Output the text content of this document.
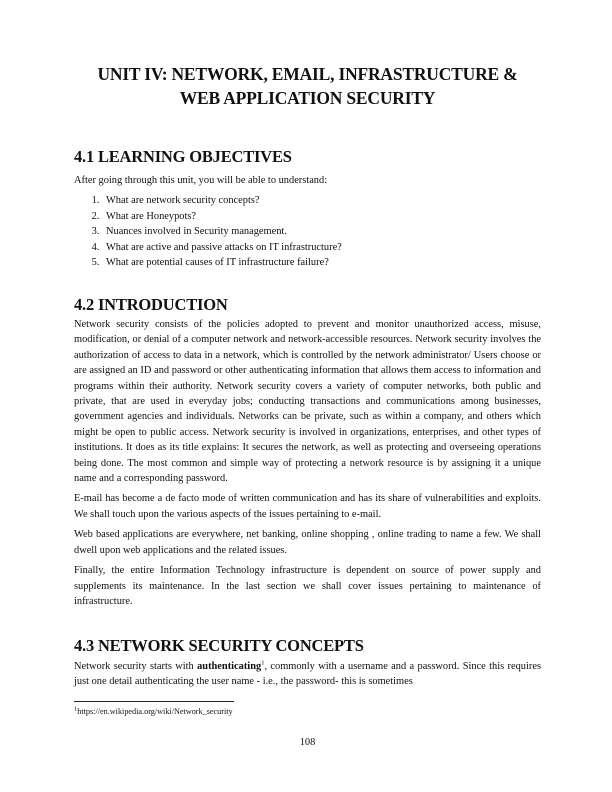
UNIT IV: NETWORK, EMAIL, INFRASTRUCTURE &
WEB APPLICATION SECURITY
4.1 LEARNING OBJECTIVES

After going through this unit, you will be able to understand:

1. What are network security concepts?
2. What are Honeypots?
3. Nuances involved in Security management.
4. What are active and passive attacks on IT infrastructure?
5. What are potential causes of IT infrastructure failure?
4.2 INTRODUCTION

Network security consists of the policies adopted to prevent and monitor unauthorized access, misuse, modification, or denial of a computer network and network-accessible resources. Network security involves the authorization of access to data in a network, which is controlled by the network administrator/ Users choose or are assigned an ID and password or other authenticating information that allows them access to information and programs within their authority. Network security covers a variety of computer networks, both public and private, that are used in everyday jobs; conducting transactions and communications among businesses, government agencies and individuals. Networks can be private, such as within a company, and others which might be open to public access. Network security is involved in organizations, enterprises, and other types of institutions. It does as its title explains: It secures the network, as well as protecting and overseeing operations being done. The most common and simple way of protecting a network resource is by assigning it a unique name and a corresponding password.

E-mail has become a de facto mode of written communication and has its share of vulnerabilities and exploits. We shall touch upon the various aspects of the issues pertaining to e-mail.

Web based applications are everywhere, net banking, online shopping , online trading to name a few. We shall dwell upon web applications and the related issues.

Finally, the entire Information Technology infrastructure is dependent on source of power supply and supplements its maintenance. In the last section we shall cover issues pertaining to maintenance of infrastructure.

4.3 NETWORK SECURITY CONCEPTS

Network security starts with authenticating$^1$, commonly with a username and a password. Since this requires just one detail authenticating the user name - i.e., the password- this is sometimes

$^1$https://en.wikipedia.org/wiki/Network_security
108
